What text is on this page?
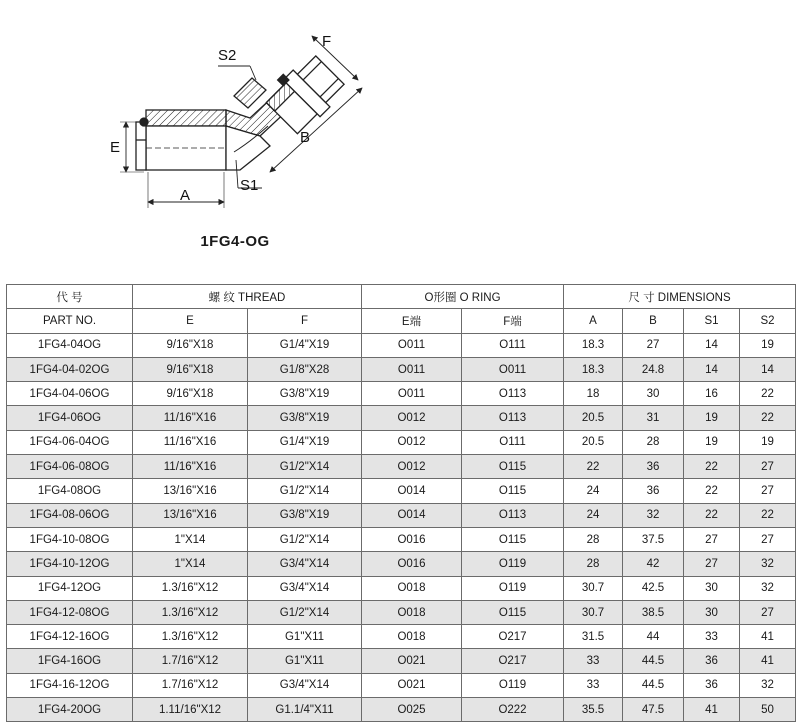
S2
F
E
B
S1
A
1FG4-OG
代 号	螺 纹 THREAD		O形圈 O RING		尺 寸 DIMENSIONS			
PART NO.	E	F	E端	F端	A	B	S1	S2
1FG4-04OG	9/16"X18	G1/4"X19	O011	O111	18.3	27	14	19
1FG4-04-02OG	9/16"X18	G1/8"X28	O011	O011	18.3	24.8	14	14
1FG4-04-06OG	9/16"X18	G3/8"X19	O011	O113	18	30	16	22
1FG4-06OG	11/16"X16	G3/8"X19	O012	O113	20.5	31	19	22
1FG4-06-04OG	11/16"X16	G1/4"X19	O012	O111	20.5	28	19	19
1FG4-06-08OG	11/16"X16	G1/2"X14	O012	O115	22	36	22	27
1FG4-08OG	13/16"X16	G1/2"X14	O014	O115	24	36	22	27
1FG4-08-06OG	13/16"X16	G3/8"X19	O014	O113	24	32	22	22
1FG4-10-08OG	1"X14	G1/2"X14	O016	O115	28	37.5	27	27
1FG4-10-12OG	1"X14	G3/4"X14	O016	O119	28	42	27	32
1FG4-12OG	1.3/16"X12	G3/4"X14	O018	O119	30.7	42.5	30	32
1FG4-12-08OG	1.3/16"X12	G1/2"X14	O018	O115	30.7	38.5	30	27
1FG4-12-16OG	1.3/16"X12	G1"X11	O018	O217	31.5	44	33	41
1FG4-16OG	1.7/16"X12	G1"X11	O021	O217	33	44.5	36	41
1FG4-16-12OG	1.7/16"X12	G3/4"X14	O021	O119	33	44.5	36	32
1FG4-20OG	1.11/16"X12	G1.1/4"X11	O025	O222	35.5	47.5	41	50
